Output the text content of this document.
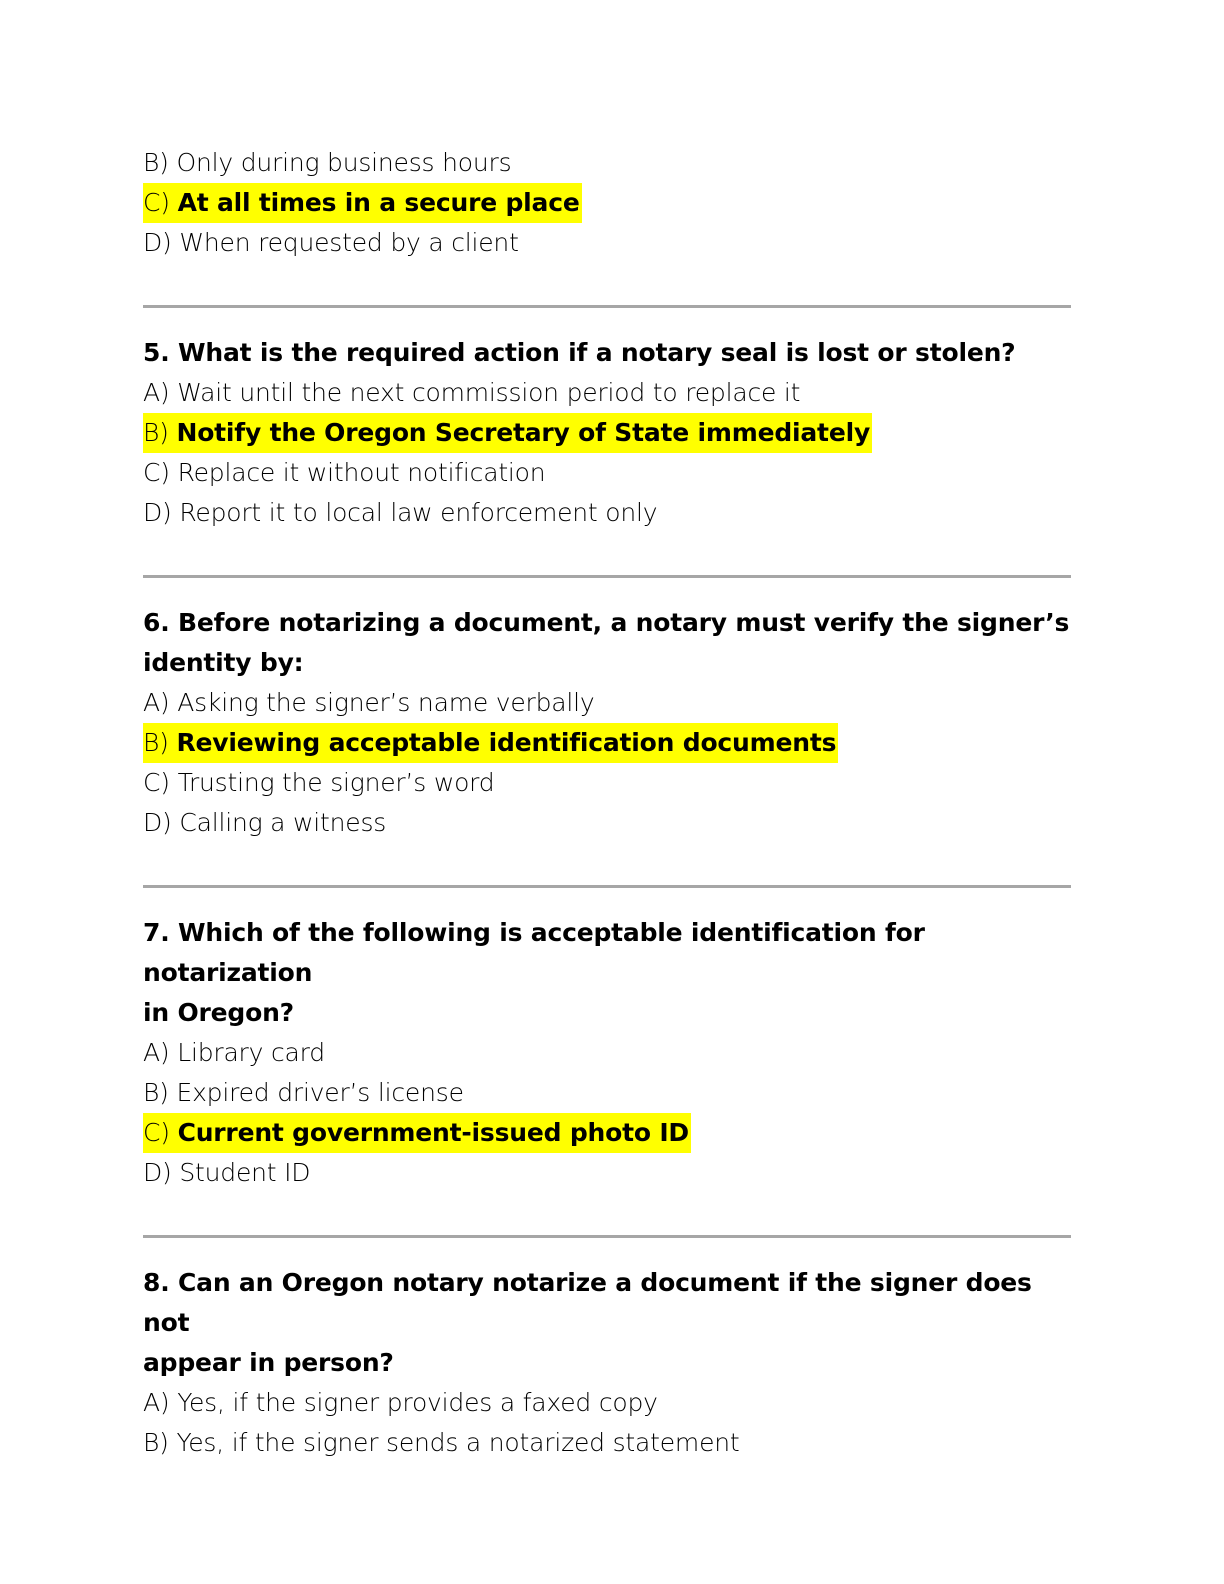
B) Only during business hours
C) At all times in a secure place
D) When requested by a client
5. What is the required action if a notary seal is lost or stolen?
A) Wait until the next commission period to replace it
B) Notify the Oregon Secretary of State immediately
C) Replace it without notification
D) Report it to local law enforcement only
6. Before notarizing a document, a notary must verify the signer’s
identity by:
A) Asking the signer’s name verbally
B) Reviewing acceptable identification documents
C) Trusting the signer’s word
D) Calling a witness
7. Which of the following is acceptable identification for notarization
in Oregon?
A) Library card
B) Expired driver’s license
C) Current government-issued photo ID
D) Student ID
8. Can an Oregon notary notarize a document if the signer does not
appear in person?
A) Yes, if the signer provides a faxed copy
B) Yes, if the signer sends a notarized statement
